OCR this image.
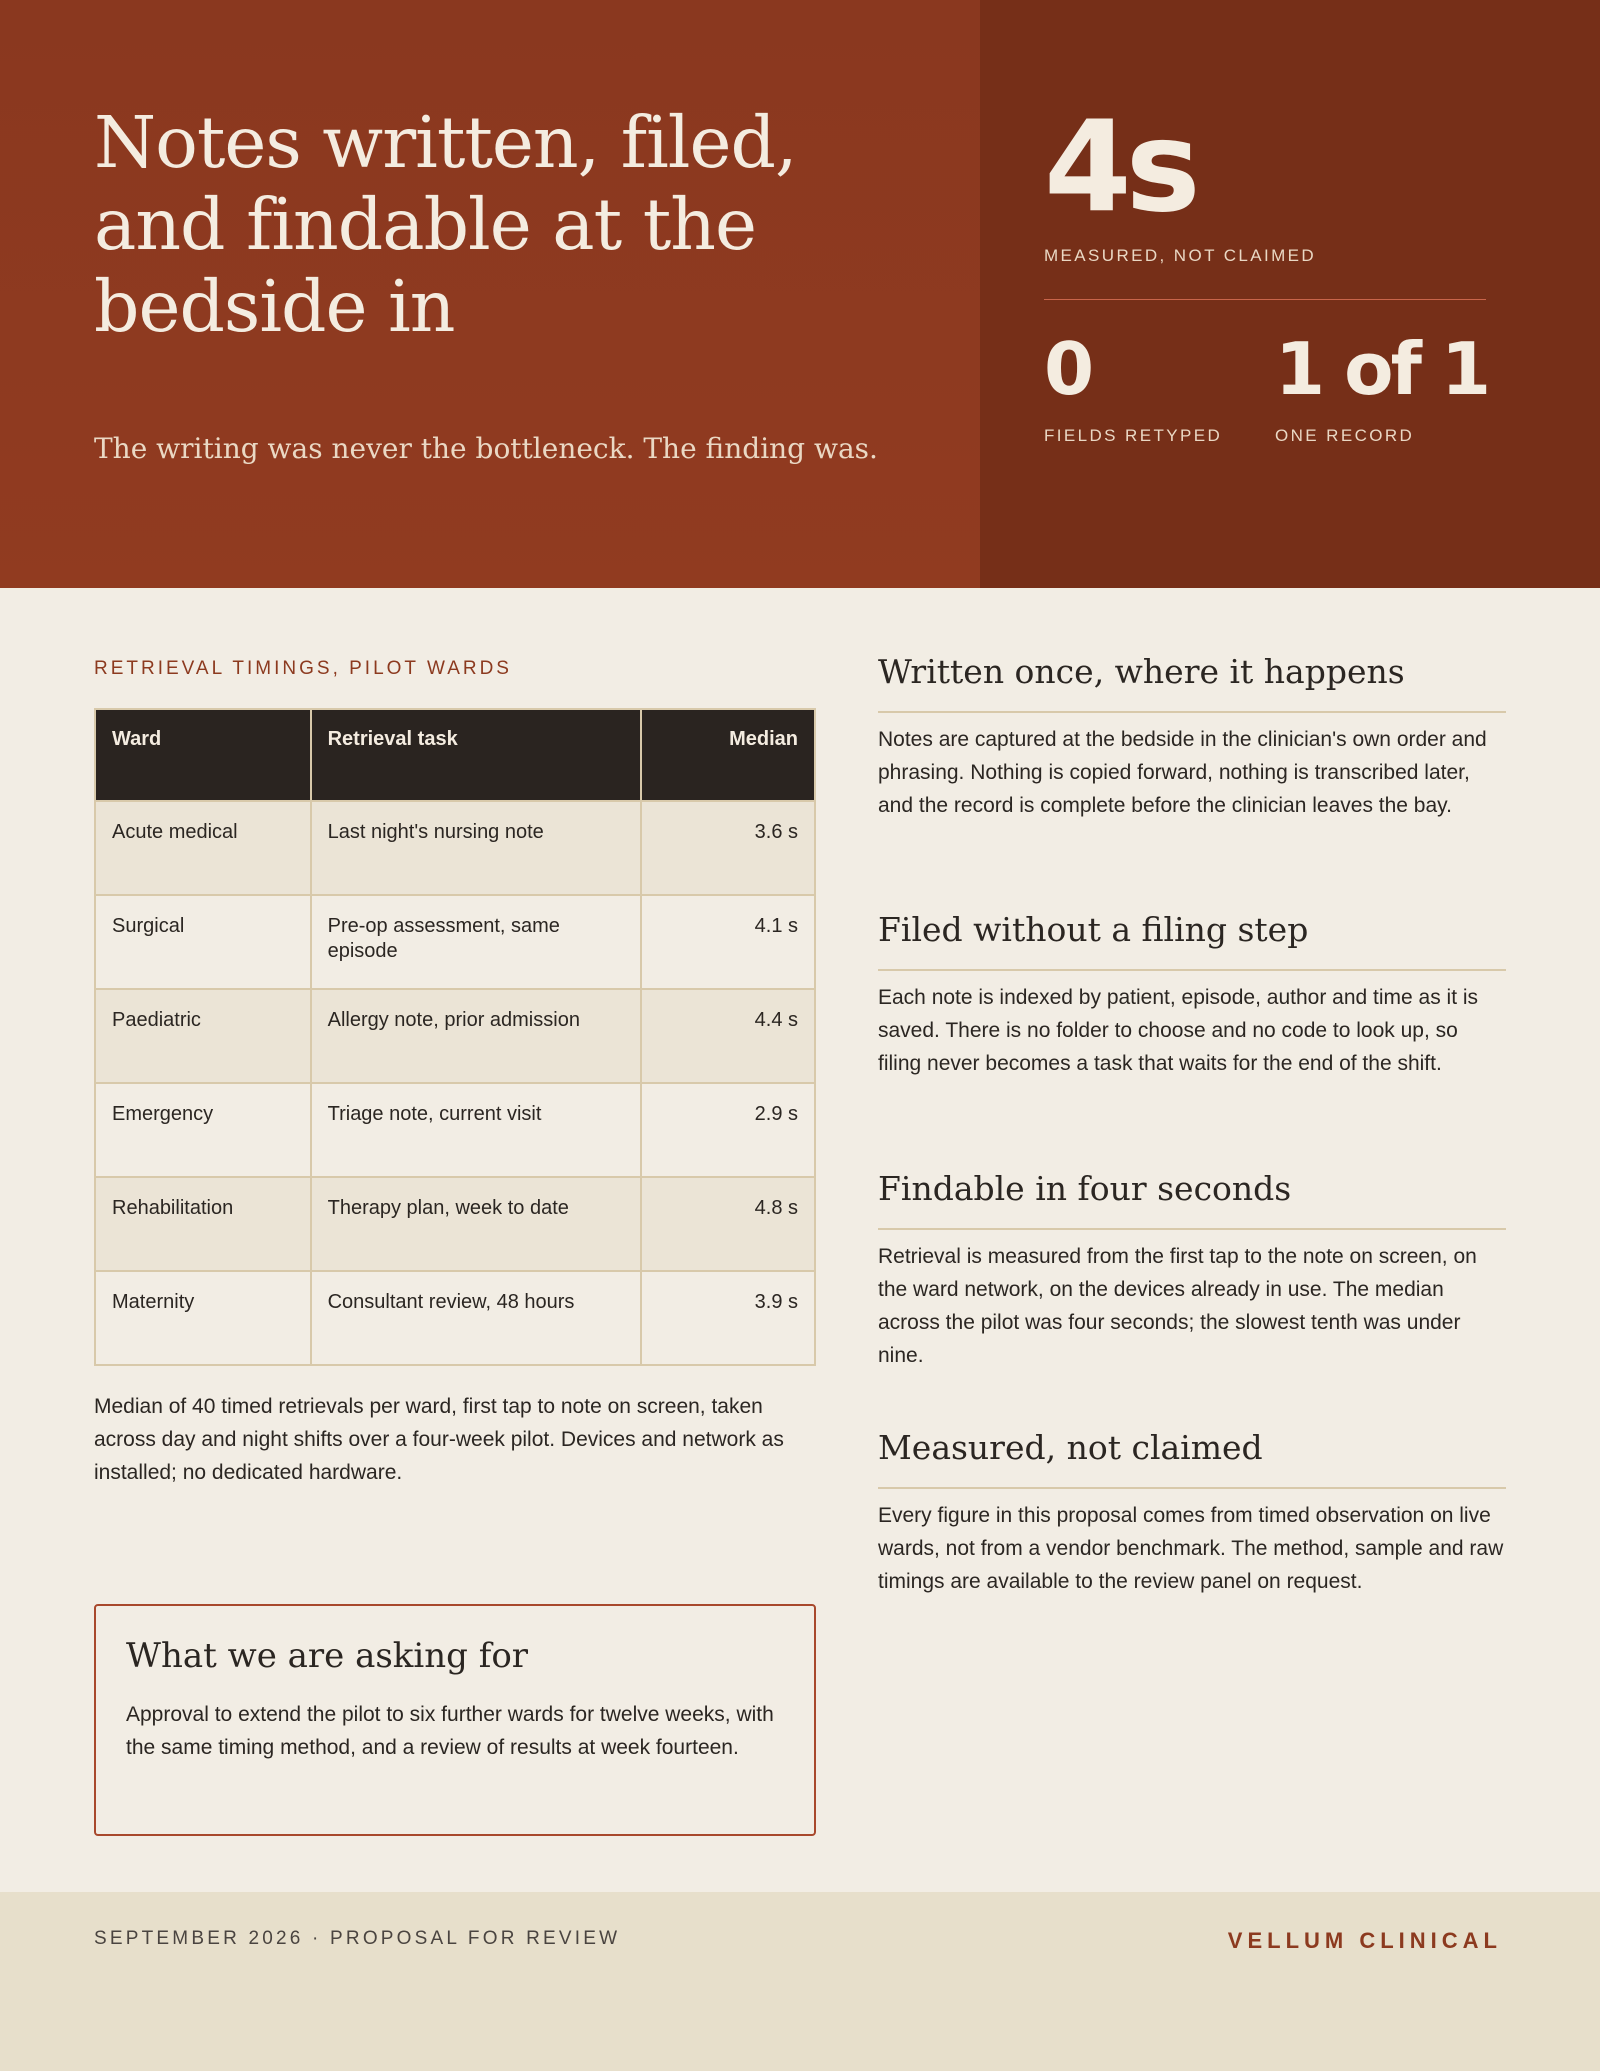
Notes written, filed, and findable at the bedside in

The writing was never the bottleneck. The finding was.

4s
MEASURED, NOT CLAIMED
0
FIELDS RETYPED
1 of 1
ONE RECORD
RETRIEVAL TIMINGS, PILOT WARDS
Ward	Retrieval task	Median
Acute medical	Last night's nursing note	3.6 s
Surgical	Pre-op assessment, same episode	4.1 s
Paediatric	Allergy note, prior admission	4.4 s
Emergency	Triage note, current visit	2.9 s
Rehabilitation	Therapy plan, week to date	4.8 s
Maternity	Consultant review, 48 hours	3.9 s

Median of 40 timed retrievals per ward, first tap to note on screen, taken across day and night shifts over a four-week pilot. Devices and network as installed; no dedicated hardware.

What we are asking for

Approval to extend the pilot to six further wards for twelve weeks, with the same timing method, and a review of results at week fourteen.

Written once, where it happens

Notes are captured at the bedside in the clinician's own order and phrasing. Nothing is copied forward, nothing is transcribed later, and the record is complete before the clinician leaves the bay.

Filed without a filing step

Each note is indexed by patient, episode, author and time as it is saved. There is no folder to choose and no code to look up, so filing never becomes a task that waits for the end of the shift.

Findable in four seconds

Retrieval is measured from the first tap to the note on screen, on the ward network, on the devices already in use. The median across the pilot was four seconds; the slowest tenth was under nine.

Measured, not claimed

Every figure in this proposal comes from timed observation on live wards, not from a vendor benchmark. The method, sample and raw timings are available to the review panel on request.

SEPTEMBER 2026 · PROPOSAL FOR REVIEW	VELLUM CLINICAL
